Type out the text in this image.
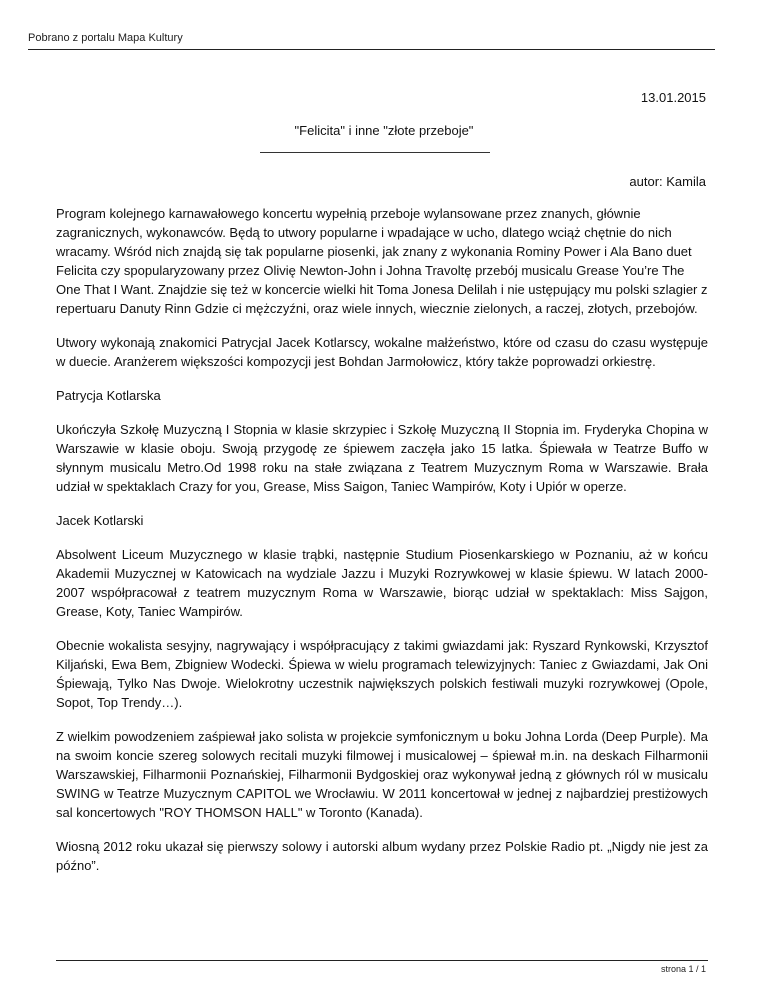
Pobrano z portalu Mapa Kultury
13.01.2015
"Felicita" i inne "złote przeboje"
autor: Kamila

Program kolejnego karnawałowego koncertu wypełnią przeboje wylansowane przez znanych, głównie zagranicznych, wykonawców. Będą to utwory popularne i wpadające w ucho, dlatego wciąż chętnie do nich wracamy. Wśród nich znajdą się tak popularne piosenki, jak znany z wykonania Rominy Power i Ala Bano duet Felicita czy spopularyzowany przez Olivię Newton-John i Johna Travoltę przebój musicalu Grease You’re The One That I Want. Znajdzie się też w koncercie wielki hit Toma Jonesa Delilah i nie ustępujący mu polski szlagier z repertuaru Danuty Rinn Gdzie ci mężczyźni, oraz wiele innych, wiecznie zielonych, a raczej, złotych, przebojów.

Utwory wykonają znakomici PatrycjaI Jacek Kotlarscy, wokalne małżeństwo, które od czasu do czasu występuje w duecie. Aranżerem większości kompozycji jest Bohdan Jarmołowicz, który także poprowadzi orkiestrę.

Patrycja Kotlarska

Ukończyła Szkołę Muzyczną I Stopnia w klasie skrzypiec i Szkołę Muzyczną II Stopnia im. Fryderyka Chopina w Warszawie w klasie oboju. Swoją przygodę ze śpiewem zaczęła jako 15 latka. Śpiewała w Teatrze Buffo w słynnym musicalu Metro.Od 1998 roku na stałe związana z Teatrem Muzycznym Roma w Warszawie. Brała udział w spektaklach Crazy for you, Grease, Miss Saigon, Taniec Wampirów, Koty i Upiór w operze.

Jacek Kotlarski

Absolwent Liceum Muzycznego w klasie trąbki, następnie Studium Piosenkarskiego w Poznaniu, aż w końcu Akademii Muzycznej w Katowicach na wydziale Jazzu i Muzyki Rozrywkowej w klasie śpiewu. W latach 2000-2007 współpracował z teatrem muzycznym Roma w Warszawie, biorąc udział w spektaklach: Miss Sajgon, Grease, Koty, Taniec Wampirów.

Obecnie wokalista sesyjny, nagrywający i współpracujący z takimi gwiazdami jak: Ryszard Rynkowski, Krzysztof Kiljański, Ewa Bem, Zbigniew Wodecki. Śpiewa w wielu programach telewizyjnych: Taniec z Gwiazdami, Jak Oni Śpiewają, Tylko Nas Dwoje. Wielokrotny uczestnik największych polskich festiwali muzyki rozrywkowej (Opole, Sopot, Top Trendy…).

Z wielkim powodzeniem zaśpiewał jako solista w projekcie symfonicznym u boku Johna Lorda (Deep Purple). Ma na swoim koncie szereg solowych recitali muzyki filmowej i musicalowej – śpiewał m.in. na deskach Filharmonii Warszawskiej, Filharmonii Poznańskiej, Filharmonii Bydgoskiej oraz wykonywał jedną z głównych ról w musicalu SWING w Teatrze Muzycznym CAPITOL we Wrocławiu. W 2011 koncertował w jednej z najbardziej prestiżowych sal koncertowych "ROY THOMSON HALL" w Toronto (Kanada).

Wiosną 2012 roku ukazał się pierwszy solowy i autorski album wydany przez Polskie Radio pt. „Nigdy nie jest za późno”.

strona 1 / 1
